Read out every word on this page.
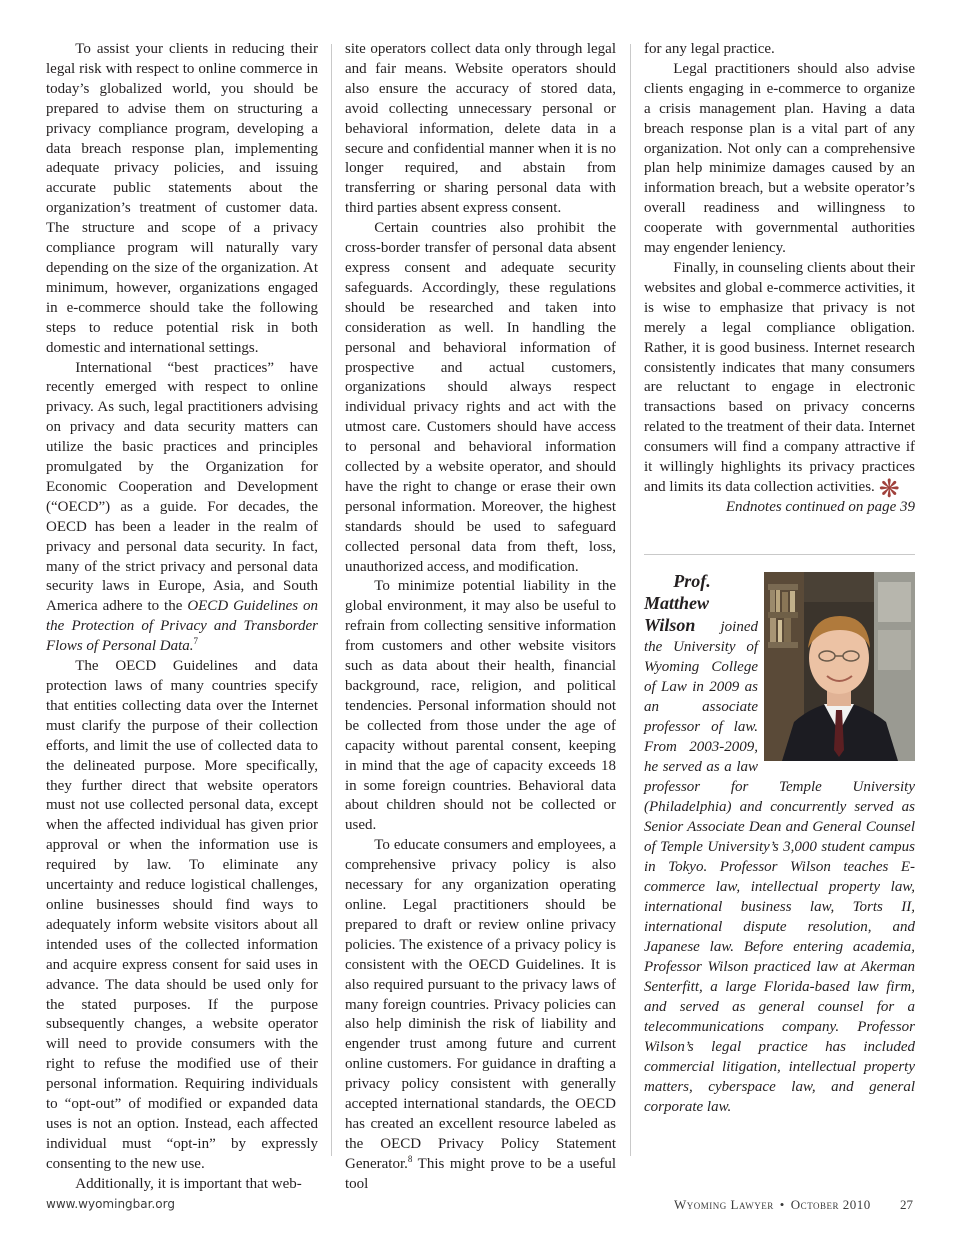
To assist your clients in reducing their legal risk with respect to online commerce in today’s globalized world, you should be prepared to advise them on structuring a privacy compliance program, developing a data breach response plan, implementing adequate privacy policies, and issuing accurate public statements about the organization’s treatment of customer data. The structure and scope of a privacy compliance program will naturally vary depending on the size of the organization. At minimum, however, organizations engaged in e-commerce should take the following steps to reduce potential risk in both domestic and international settings.

International “best practices” have recently emerged with respect to online privacy. As such, legal practitioners advising on privacy and data security matters can utilize the basic practices and principles promulgated by the Organization for Economic Cooperation and Development (“OECD”) as a guide. For decades, the OECD has been a leader in the realm of privacy and personal data security. In fact, many of the strict privacy and personal data security laws in Europe, Asia, and South America adhere to the OECD Guidelines on the Protection of Privacy and Transborder Flows of Personal Data.$^7$

The OECD Guidelines and data protection laws of many countries specify that entities collecting data over the Internet must clarify the purpose of their collection efforts, and limit the use of collected data to the delineated purpose. More specifically, they further direct that website operators must not use collected personal data, except when the affected individual has given prior approval or when the information use is required by law. To eliminate any uncertainty and reduce logistical challenges, online businesses should find ways to adequately inform website visitors about all intended uses of the collected information and acquire express consent for said uses in advance. The data should be used only for the stated purposes. If the purpose subsequently changes, a website operator will need to provide consumers with the right to refuse the modified use of their personal information. Requiring individuals to “opt-out” of modified or expanded data uses is not an option. Instead, each affected individual must “opt-in” by expressly consenting to the new use.

Additionally, it is important that web-

site operators collect data only through legal and fair means. Website operators should also ensure the accuracy of stored data, avoid collecting unnecessary personal or behavioral information, delete data in a secure and confidential manner when it is no longer required, and abstain from transferring or sharing personal data with third parties absent express consent.

Certain countries also prohibit the cross-border transfer of personal data absent express consent and adequate security safeguards. Accordingly, these regulations should be researched and taken into consideration as well. In handling the personal and behavioral information of prospective and actual customers, organizations should always respect individual privacy rights and act with the utmost care. Customers should have access to personal and behavioral information collected by a website operator, and should have the right to change or erase their own personal information. Moreover, the highest standards should be used to safeguard collected personal data from theft, loss, unauthorized access, and modification.

To minimize potential liability in the global environment, it may also be useful to refrain from collecting sensitive information from customers and other website visitors such as data about their health, financial background, race, religion, and political tendencies. Personal information should not be collected from those under the age of capacity without parental consent, keeping in mind that the age of capacity exceeds 18 in some foreign countries. Behavioral data about children should not be collected or used.

To educate consumers and employees, a comprehensive privacy policy is also necessary for any organization operating online. Legal practitioners should be prepared to draft or review online privacy policies. The existence of a privacy policy is consistent with the OECD Guidelines. It is also required pursuant to the privacy laws of many foreign countries. Privacy policies can also help diminish the risk of liability and engender trust among future and current online customers. For guidance in drafting a privacy policy consistent with generally accepted international standards, the OECD has created an excellent resource labeled as the OECD Privacy Policy Statement Generator.$^8$ This might prove to be a useful tool

for any legal practice.

Legal practitioners should also advise clients engaging in e-commerce to organize a crisis management plan. Having a data breach response plan is a vital part of any organization. Not only can a comprehensive plan help minimize damages caused by an information breach, but a website operator’s overall readiness and willingness to cooperate with governmental authorities may engender leniency.

Finally, in counseling clients about their websites and global e-commerce activities, it is wise to emphasize that privacy is not merely a legal compliance obligation. Rather, it is good business. Internet research consistently indicates that many consumers are reluctant to engage in electronic transactions based on privacy concerns related to the treatment of their data. Internet consumers will find a company attractive if it willingly highlights its privacy practices and limits its data collection activities. ❋

Endnotes continued on page 39

Prof. Matthew Wilson joined the University of Wyoming College of Law in 2009 as an associate professor of law. From 2003-2009, he served as a law professor for Temple University (Philadelphia) and concurrently served as Senior Associate Dean and General Counsel of Temple University’s 3,000 student campus in Tokyo. Professor Wilson teaches E-commerce law, intellectual property law, international business law, Torts II, international dispute resolution, and Japanese law. Before entering academia, Professor Wilson practiced law at Akerman Senterfitt, a large Florida-based law firm, and served as general counsel for a telecommunications company. Professor Wilson’s legal practice has included commercial litigation, intellectual property matters, cyberspace law, and general corporate law.

www.wyomingbar.org	Wyoming Lawyer • October 2010 27
